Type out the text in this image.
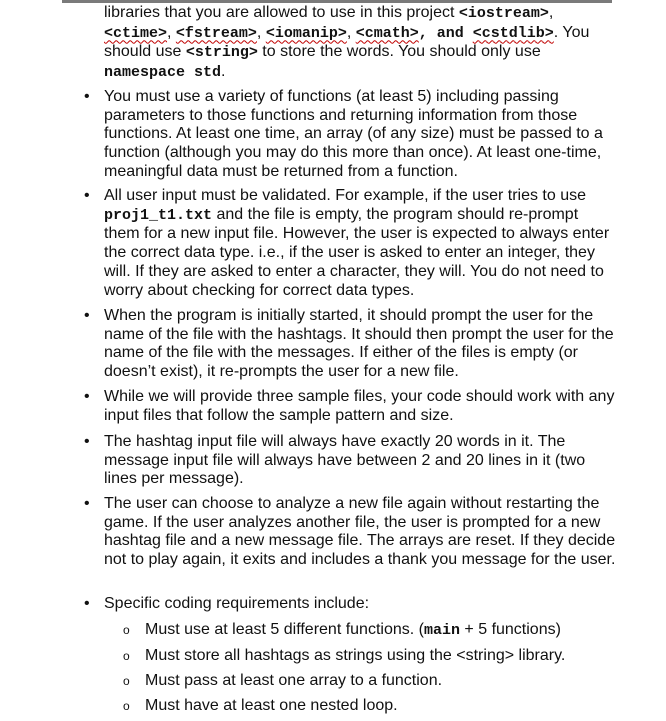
libraries that you are allowed to use in this project <iostream>, <ctime>, <fstream>, <iomanip>, <cmath>, and <cstdlib>. You should use <string> to store the words. You should only use namespace std.

• You must use a variety of functions (at least 5) including passing parameters to those functions and returning information from those functions. At least one time, an array (of any size) must be passed to a function (although you may do this more than once). At least one-time, meaningful data must be returned from a function.
• All user input must be validated. For example, if the user tries to use proj1_t1.txt and the file is empty, the program should re-prompt them for a new input file. However, the user is expected to always enter the correct data type. i.e., if the user is asked to enter an integer, they will. If they are asked to enter a character, they will. You do not need to worry about checking for correct data types.
• When the program is initially started, it should prompt the user for the name of the file with the hashtags. It should then prompt the user for the name of the file with the messages. If either of the files is empty (or doesn’t exist), it re-prompts the user for a new file.
• While we will provide three sample files, your code should work with any input files that follow the sample pattern and size.
• The hashtag input file will always have exactly 20 words in it. The message input file will always have between 2 and 20 lines in it (two lines per message).
• The user can choose to analyze a new file again without restarting the game. If the user analyzes another file, the user is prompted for a new hashtag file and a new message file. The arrays are reset. If they decide not to play again, it exits and includes a thank you message for the user.
• Specific coding requirements include:
o Must use at least 5 different functions. (main + 5 functions)
o Must store all hashtags as strings using the <string> library.
o Must pass at least one array to a function.
o Must have at least one nested loop.
